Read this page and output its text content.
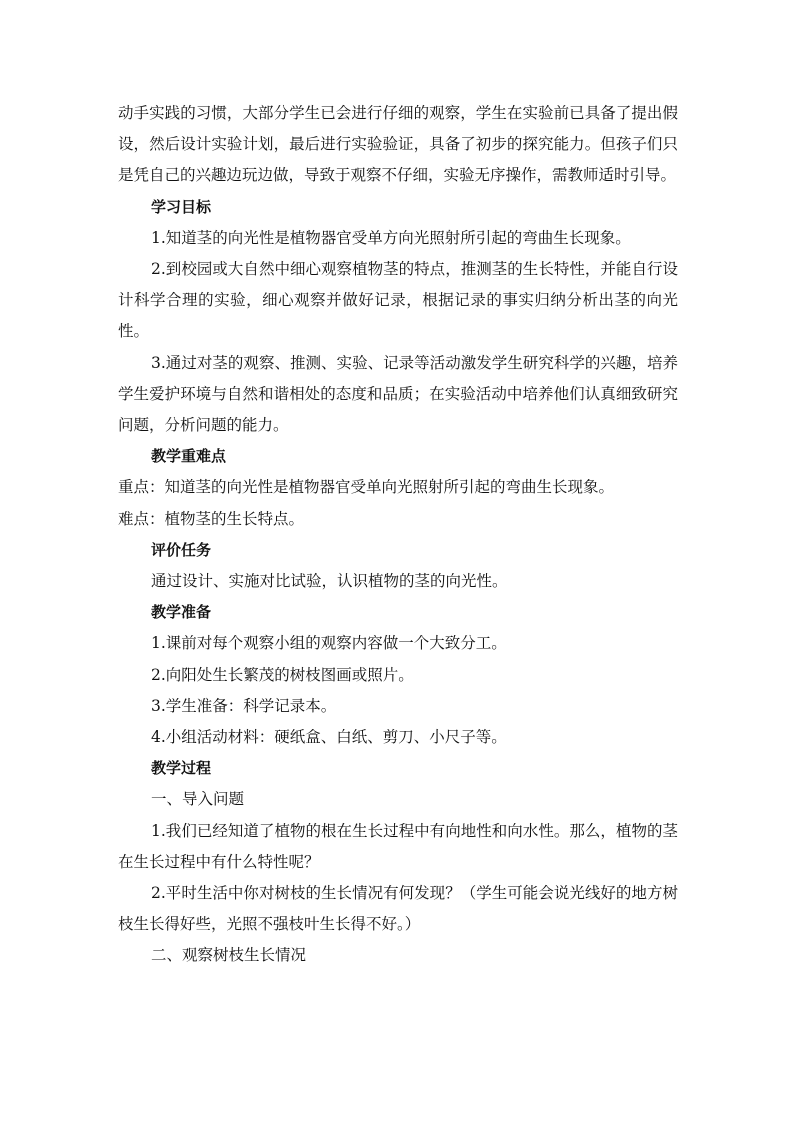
动手实践的习惯，大部分学生已会进行仔细的观察，学生在实验前已具备了提出假设，然后设计实验计划，最后进行实验验证，具备了初步的探究能力。但孩子们只是凭自己的兴趣边玩边做，导致于观察不仔细，实验无序操作，需教师适时引导。

学习目标

1.知道茎的向光性是植物器官受单方向光照射所引起的弯曲生长现象。

2.到校园或大自然中细心观察植物茎的特点，推测茎的生长特性，并能自行设计科学合理的实验，细心观察并做好记录，根据记录的事实归纳分析出茎的向光性。

3.通过对茎的观察、推测、实验、记录等活动激发学生研究科学的兴趣，培养学生爱护环境与自然和谐相处的态度和品质；在实验活动中培养他们认真细致研究问题，分析问题的能力。

教学重难点

重点：知道茎的向光性是植物器官受单向光照射所引起的弯曲生长现象。

难点：植物茎的生长特点。

评价任务

通过设计、实施对比试验，认识植物的茎的向光性。

教学准备

1.课前对每个观察小组的观察内容做一个大致分工。

2.向阳处生长繁茂的树枝图画或照片。

3.学生准备：科学记录本。

4.小组活动材料：硬纸盒、白纸、剪刀、小尺子等。

教学过程

一、导入问题

1.我们已经知道了植物的根在生长过程中有向地性和向水性。那么，植物的茎在生长过程中有什么特性呢？

2.平时生活中你对树枝的生长情况有何发现？（学生可能会说光线好的地方树枝生长得好些，光照不强枝叶生长得不好。）

二、观察树枝生长情况
